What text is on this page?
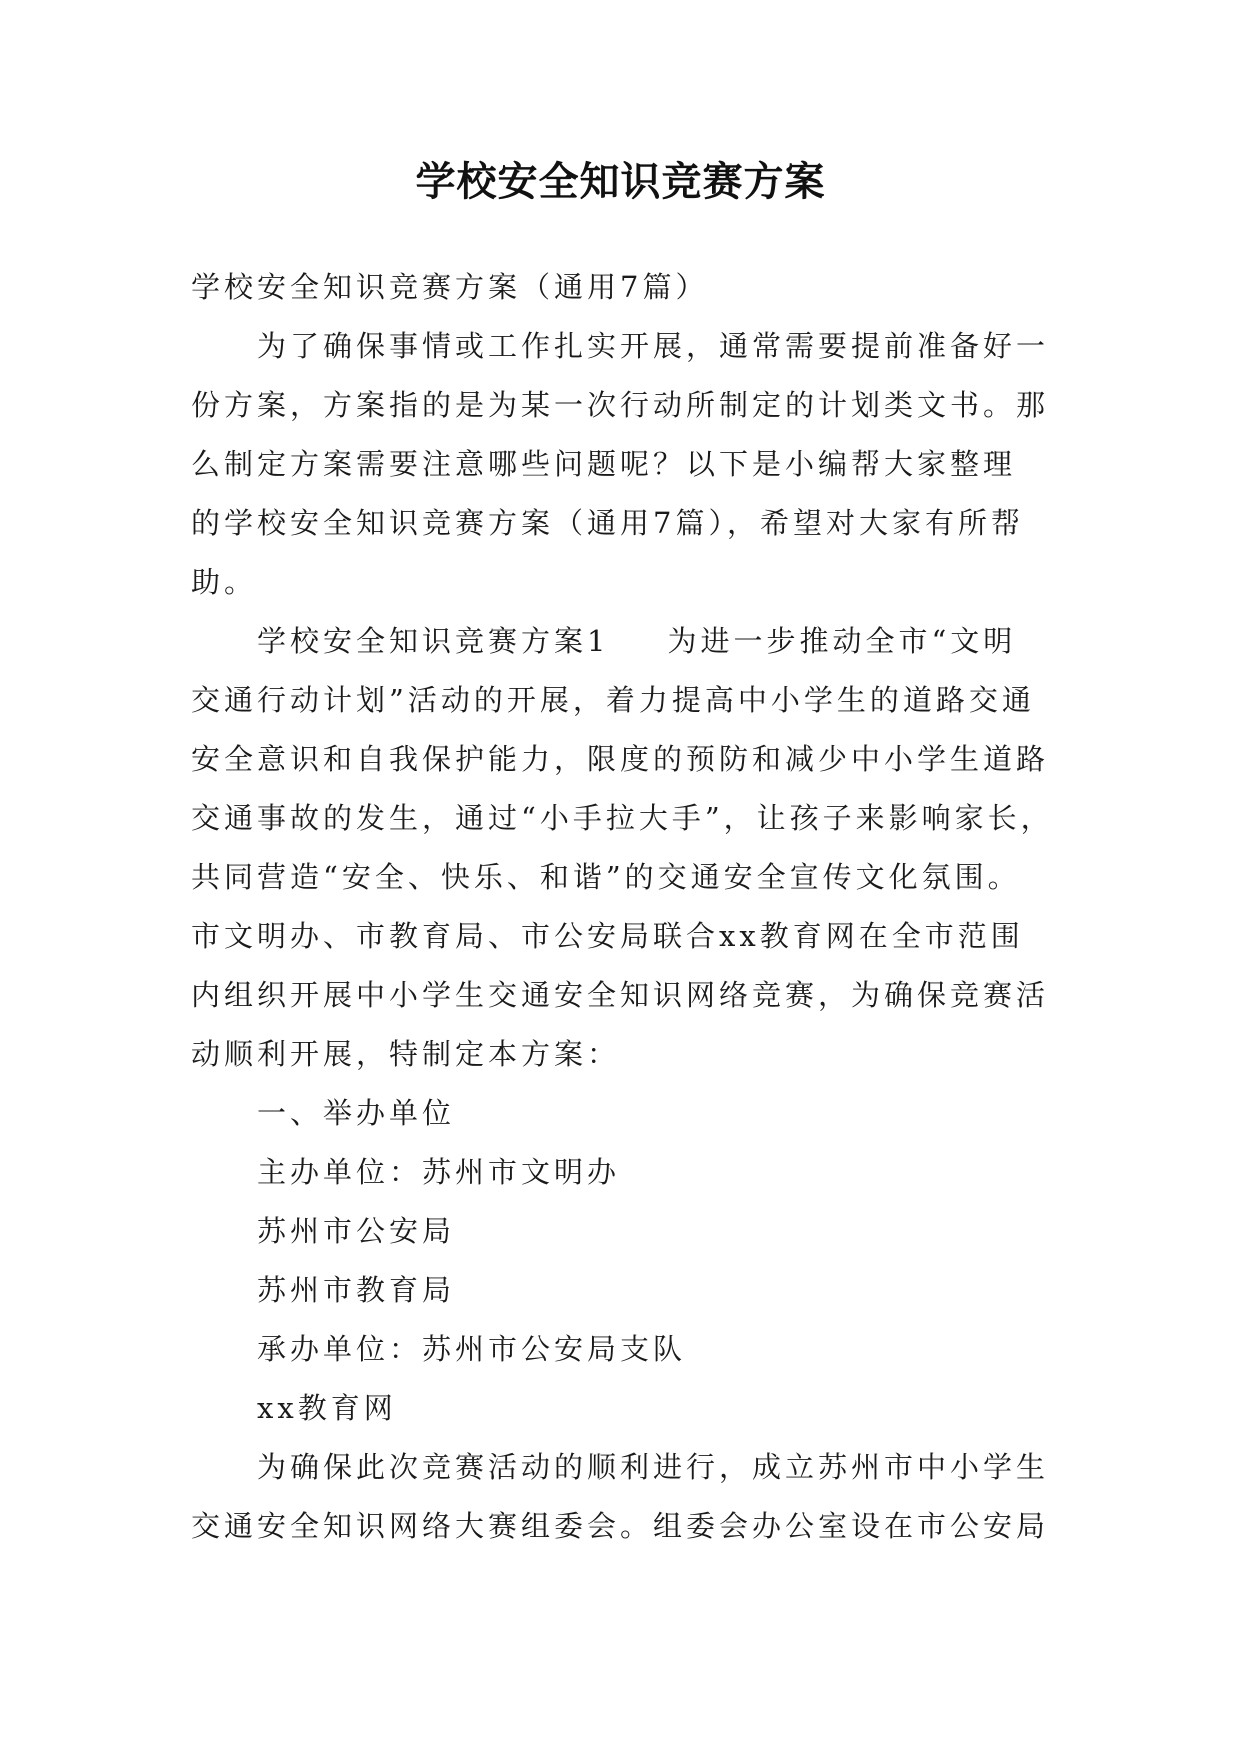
学校安全知识竞赛方案
学校安全知识竞赛方案（通用7篇）
为了确保事情或工作扎实开展，通常需要提前准备好一
份方案，方案指的是为某一次行动所制定的计划类文书。那
么制定方案需要注意哪些问题呢？以下是小编帮大家整理
的学校安全知识竞赛方案（通用7篇），希望对大家有所帮
助。
学校安全知识竞赛方案1 为进一步推动全市“文明
交通行动计划”活动的开展，着力提高中小学生的道路交通
安全意识和自我保护能力，限度的预防和减少中小学生道路
交通事故的发生，通过“小手拉大手”，让孩子来影响家长，
共同营造“安全、快乐、和谐”的交通安全宣传文化氛围。
市文明办、市教育局、市公安局联合xx教育网在全市范围
内组织开展中小学生交通安全知识网络竞赛，为确保竞赛活
动顺利开展，特制定本方案：
一、举办单位
主办单位：苏州市文明办
苏州市公安局
苏州市教育局
承办单位：苏州市公安局支队
xx教育网
为确保此次竞赛活动的顺利进行，成立苏州市中小学生
交通安全知识网络大赛组委会。组委会办公室设在市公安局
